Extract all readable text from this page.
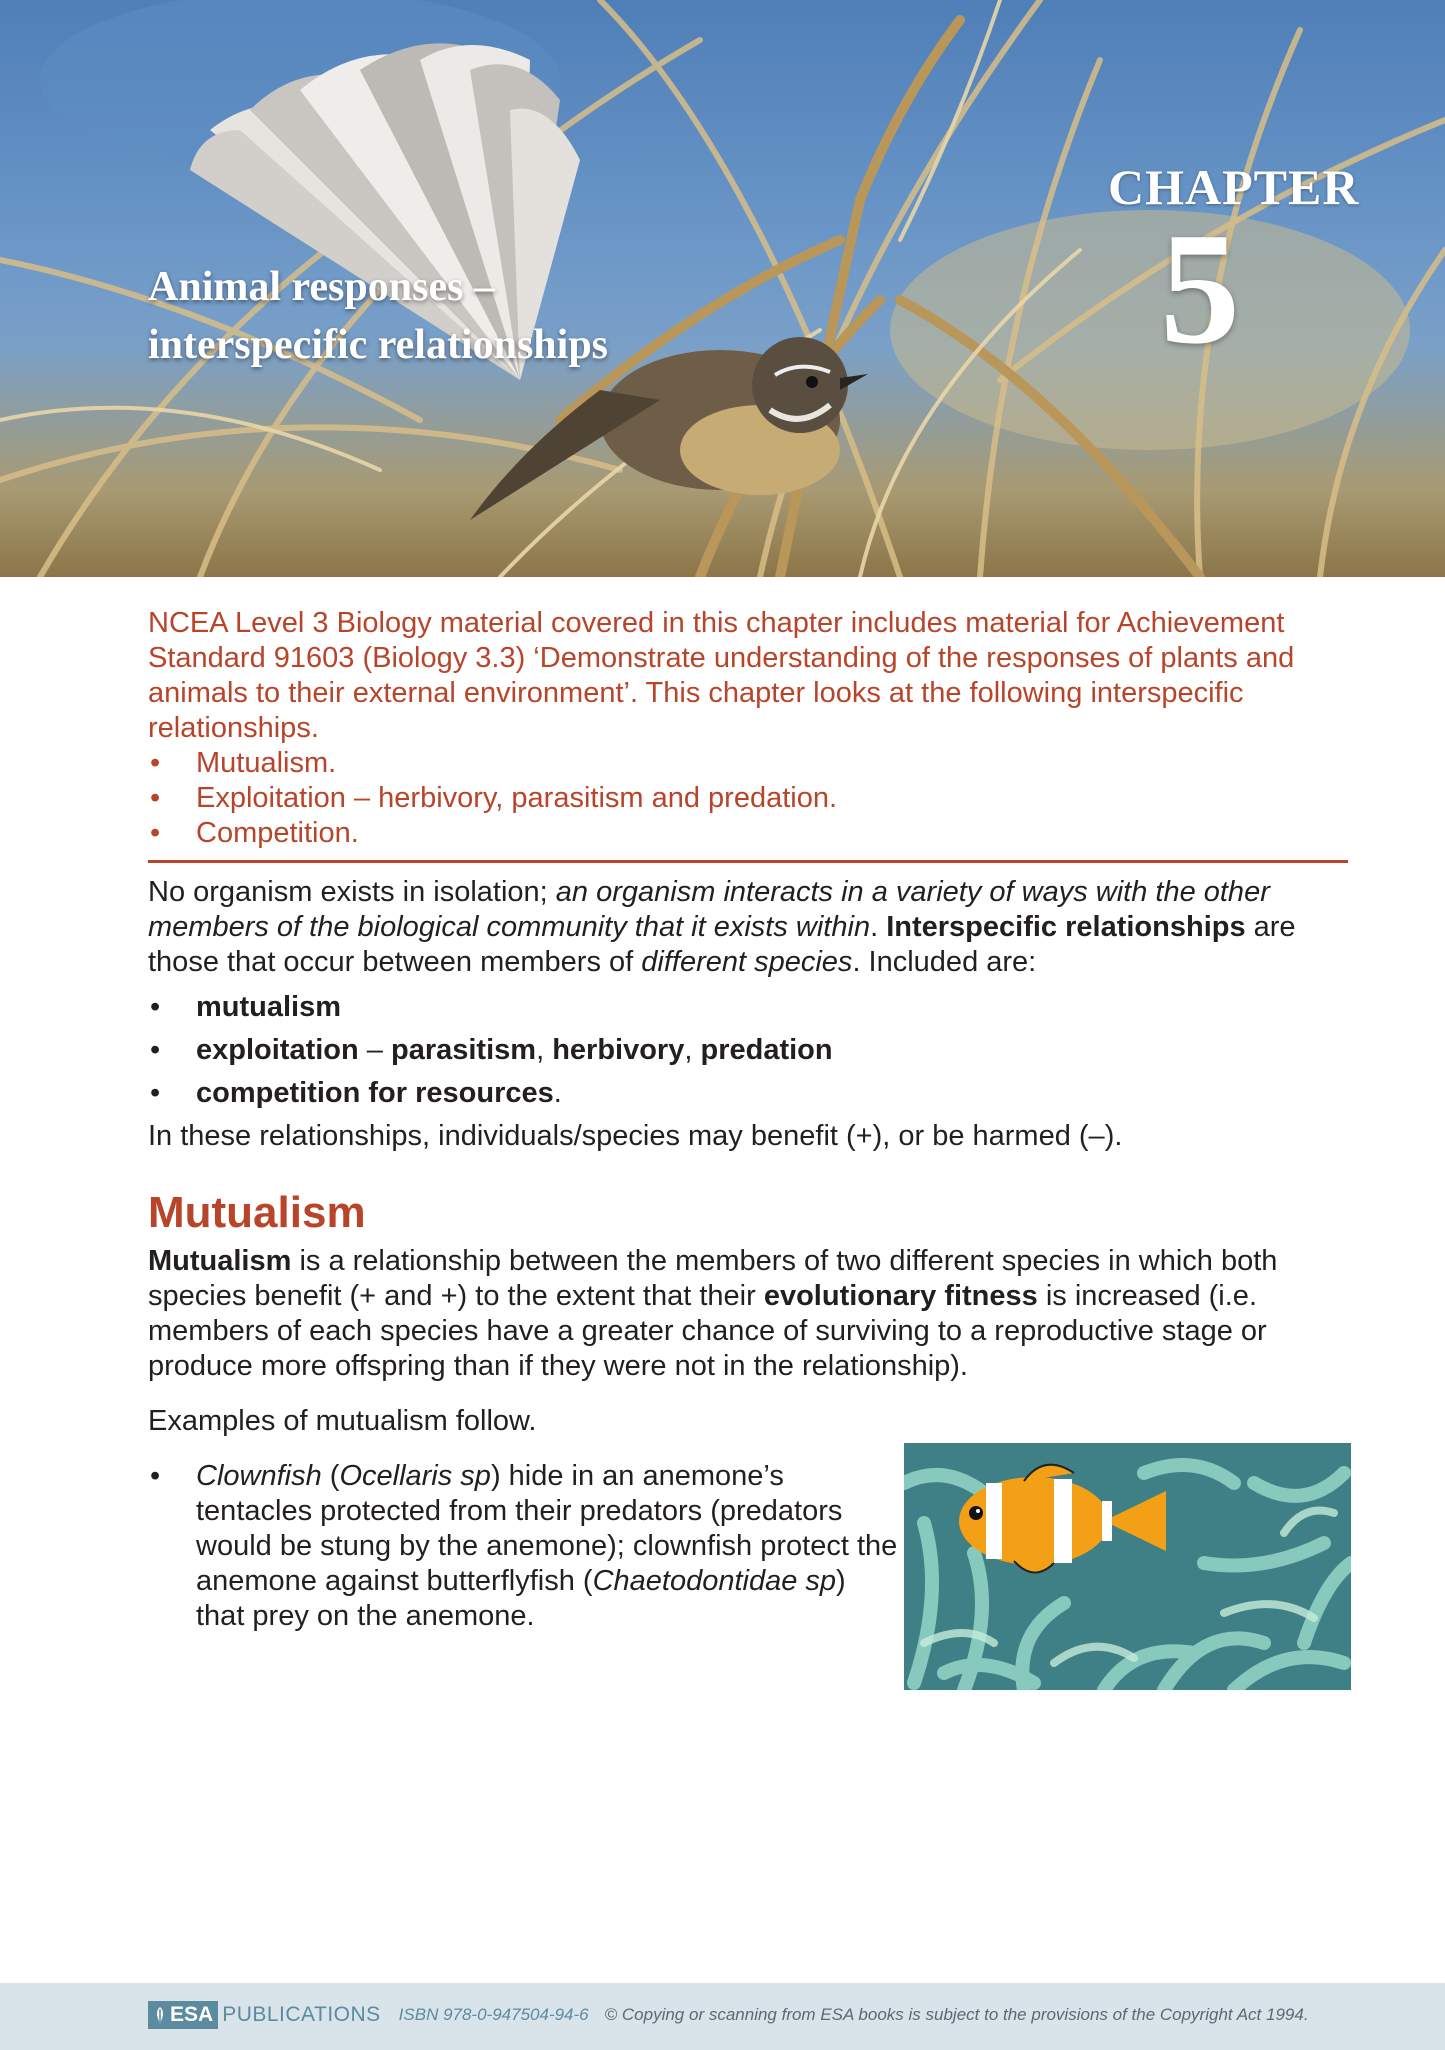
CHAPTER
5
Animal responses –
interspecific relationships

NCEA Level 3 Biology material covered in this chapter includes material for Achievement Standard 91603 (Biology 3.3) ‘Demonstrate understanding of the responses of plants and animals to their external environment’. This chapter looks at the following interspecific relationships.

• Mutualism.
• Exploitation – herbivory, parasitism and predation.
• Competition.

No organism exists in isolation; an organism interacts in a variety of ways with the other members of the biological community that it exists within. Interspecific relationships are those that occur between members of different species. Included are:

• mutualism
• exploitation – parasitism, herbivory, predation
• competition for resources.

In these relationships, individuals/species may benefit (+), or be harmed (–).

Mutualism

Mutualism is a relationship between the members of two different species in which both species benefit (+ and +) to the extent that their evolutionary fitness is increased (i.e. members of each species have a greater chance of surviving to a reproductive stage or produce more offspring than if they were not in the relationship).

Examples of mutualism follow.

• Clownfish (Ocellaris sp) hide in an anemone’s tentacles protected from their predators (predators would be stung by the anemone); clownfish protect the anemone against butterflyfish (Chaetodontidae sp) that prey on the anemone.
ESA PUBLICATIONS ISBN 978-0-947504-94-6 © Copying or scanning from ESA books is subject to the provisions of the Copyright Act 1994.
